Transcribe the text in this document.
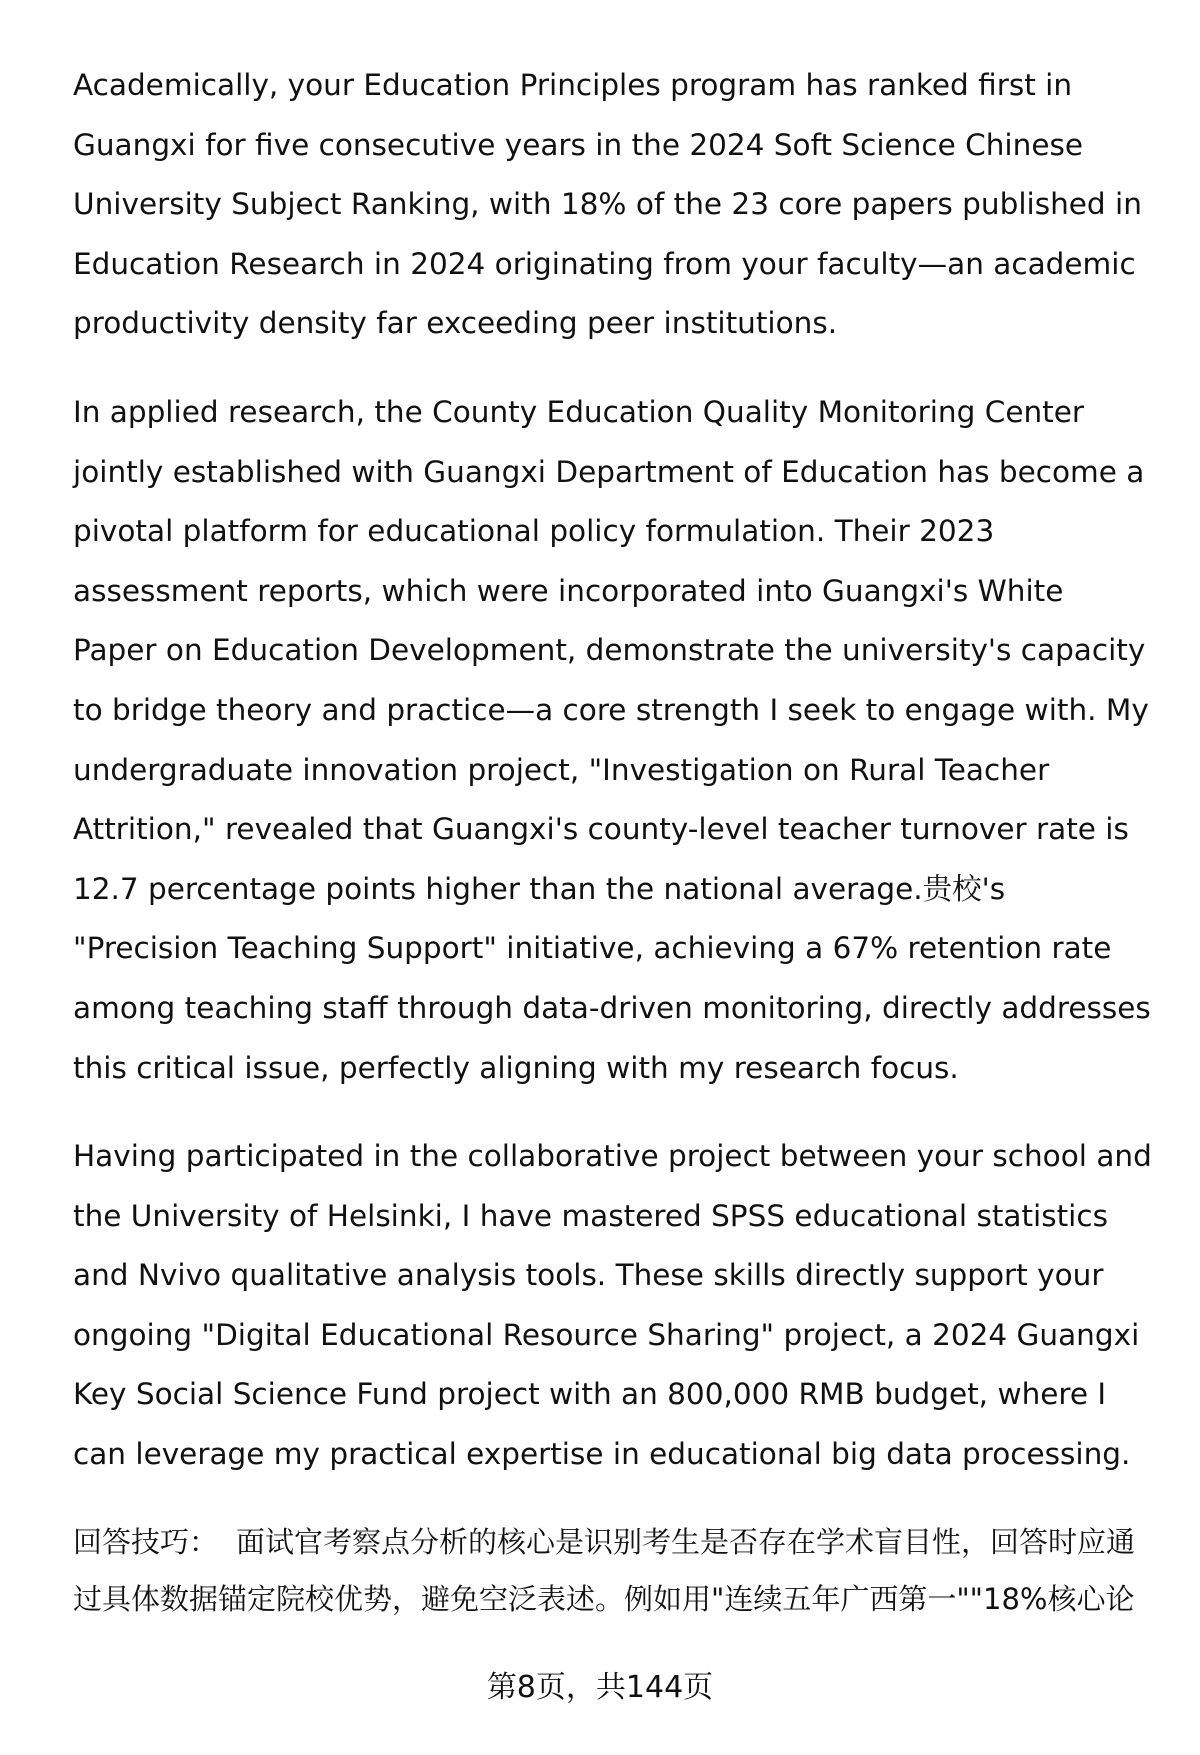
Academically, your Education Principles program has ranked first in Guangxi for five consecutive years in the 2024 Soft Science Chinese University Subject Ranking, with 18% of the 23 core papers published in Education Research in 2024 originating from your faculty—an academic productivity density far exceeding peer institutions.

In applied research, the County Education Quality Monitoring Center jointly established with Guangxi Department of Education has become a pivotal platform for educational policy formulation. Their 2023 assessment reports, which were incorporated into Guangxi's White Paper on Education Development, demonstrate the university's capacity to bridge theory and practice—a core strength I seek to engage with. My undergraduate innovation project, "Investigation on Rural Teacher Attrition," revealed that Guangxi's county-level teacher turnover rate is 12.7 percentage points higher than the national average.贵校's "Precision Teaching Support" initiative, achieving a 67% retention rate among teaching staff through data-driven monitoring, directly addresses this critical issue, perfectly aligning with my research focus.

Having participated in the collaborative project between your school and the University of Helsinki, I have mastered SPSS educational statistics and Nvivo qualitative analysis tools. These skills directly support your ongoing "Digital Educational Resource Sharing" project, a 2024 Guangxi Key Social Science Fund project with an 800,000 RMB budget, where I can leverage my practical expertise in educational big data processing.

回答技巧： 面试官考察点分析的核心是识别考生是否存在学术盲目性，回答时应通过具体数据锚定院校优势，避免空泛表述。例如用"连续五年广西第一""18%核心论

第8页，共144页
